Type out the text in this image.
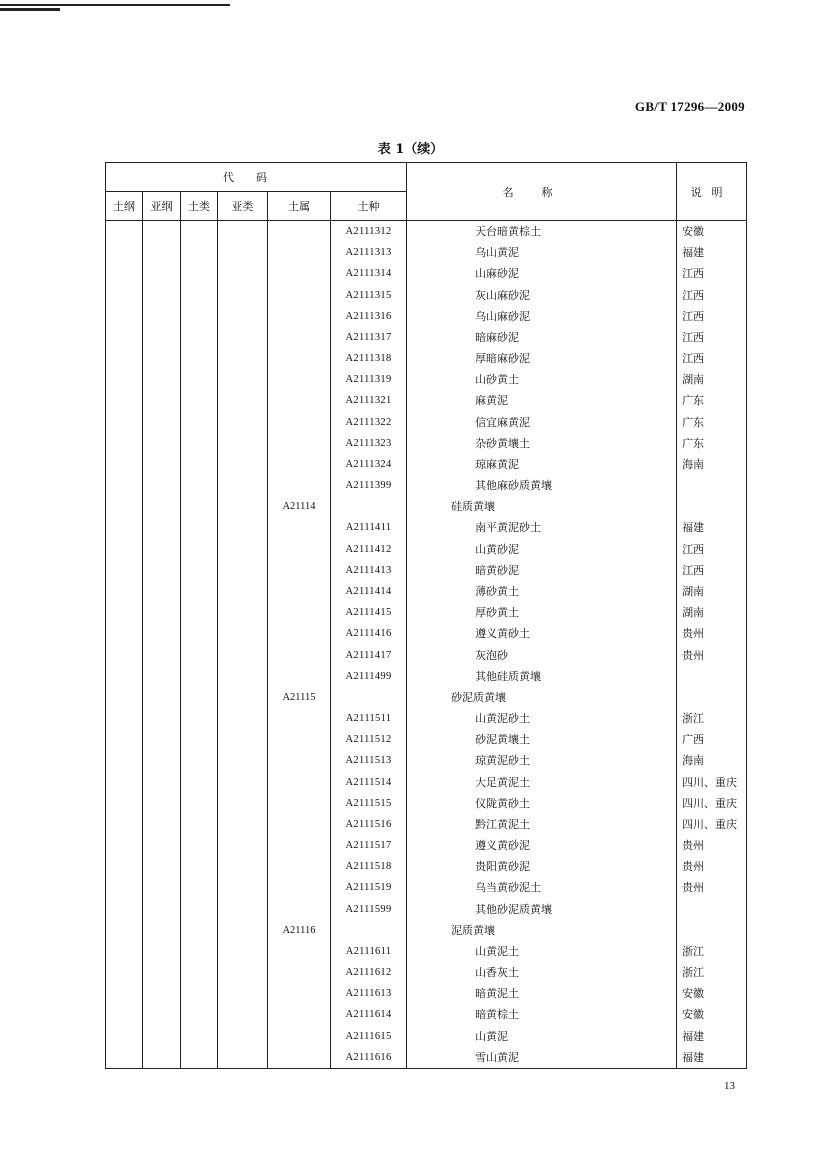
GB/T 17296—2009
表 1（续）
代码						名称	说明
土纲	亚纲	土类	亚类	土属	土种		
					A2111312	天台暗黄棕土	安徽
					A2111313	乌山黄泥	福建
					A2111314	山麻砂泥	江西
					A2111315	灰山麻砂泥	江西
					A2111316	乌山麻砂泥	江西
					A2111317	暗麻砂泥	江西
					A2111318	厚暗麻砂泥	江西
					A2111319	山砂黄土	湖南
					A2111321	麻黄泥	广东
					A2111322	信宜麻黄泥	广东
					A2111323	杂砂黄壤土	广东
					A2111324	琼麻黄泥	海南
					A2111399	其他麻砂质黄壤	
				A21114		硅质黄壤	
					A2111411	南平黄泥砂土	福建
					A2111412	山黄砂泥	江西
					A2111413	暗黄砂泥	江西
					A2111414	薄砂黄土	湖南
					A2111415	厚砂黄土	湖南
					A2111416	遵义黄砂土	贵州
					A2111417	灰泡砂	贵州
					A2111499	其他硅质黄壤	
				A21115		砂泥质黄壤	
					A2111511	山黄泥砂土	浙江
					A2111512	砂泥黄壤土	广西
					A2111513	琼黄泥砂土	海南
					A2111514	大足黄泥土	四川、重庆
					A2111515	仪陇黄砂土	四川、重庆
					A2111516	黔江黄泥土	四川、重庆
					A2111517	遵义黄砂泥	贵州
					A2111518	贵阳黄砂泥	贵州
					A2111519	乌当黄砂泥土	贵州
					A2111599	其他砂泥质黄壤	
				A21116		泥质黄壤	
					A2111611	山黄泥土	浙江
					A2111612	山香灰土	浙江
					A2111613	暗黄泥土	安徽
					A2111614	暗黄棕土	安徽
					A2111615	山黄泥	福建
					A2111616	雪山黄泥	福建
13
